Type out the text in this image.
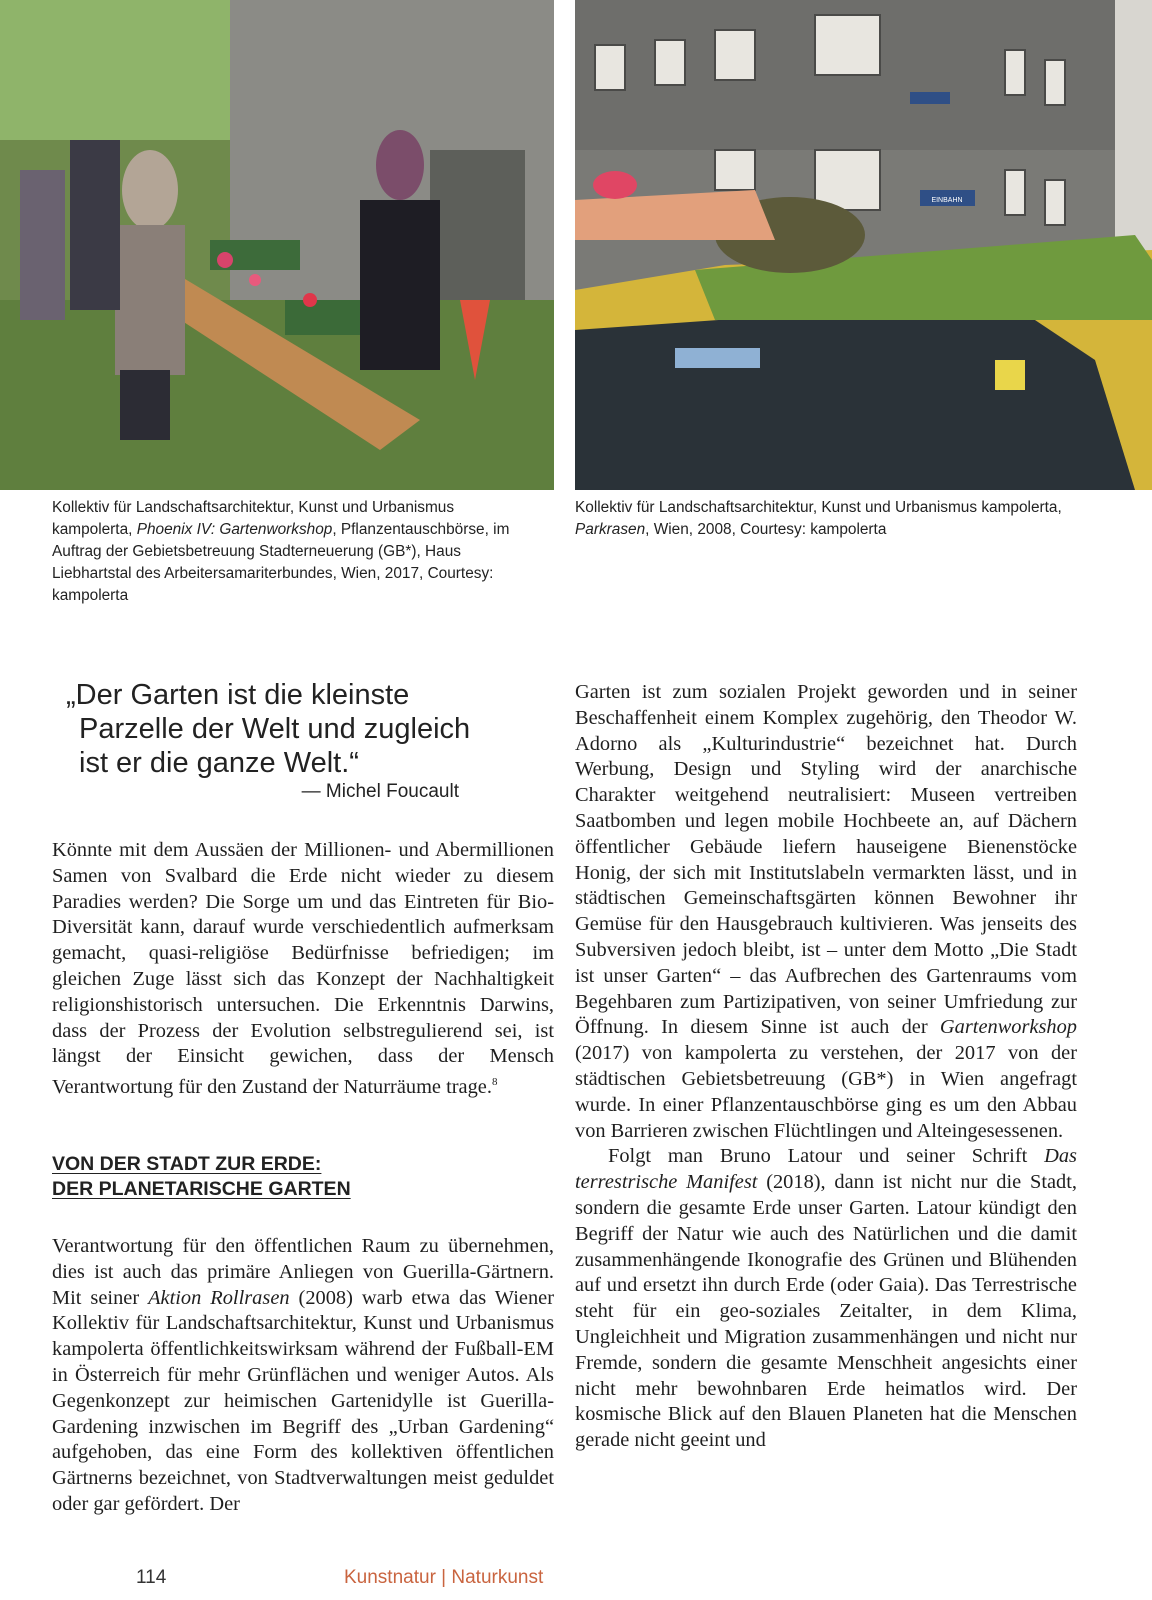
EINBAHN
Kollektiv für Landschaftsarchitektur, Kunst und Urbanismus kampolerta, Phoenix IV: Gartenworkshop, Pflanzentauschbörse, im Auftrag der Gebietsbetreuung Stadterneuerung (GB*), Haus Liebhartstal des Arbeitersamariterbundes, Wien, 2017, Courtesy: kampolerta
Kollektiv für Landschaftsarchitektur, Kunst und Urbanismus kampolerta, Parkrasen, Wien, 2008, Courtesy: kampolerta

„Der Garten ist die kleinste Parzelle der Welt und zugleich ist er die ganze Welt.“

— Michel Foucault

Könnte mit dem Aussäen der Millionen- und Abermillionen Samen von Svalbard die Erde nicht wieder zu diesem Paradies werden? Die Sorge um und das Eintreten für Bio-Diversität kann, darauf wurde verschiedentlich aufmerksam gemacht, quasi-religiöse Bedürfnisse befriedigen; im gleichen Zuge lässt sich das Konzept der Nachhaltigkeit religionshistorisch untersuchen. Die Erkenntnis Darwins, dass der Prozess der Evolution selbstregulierend sei, ist längst der Einsicht gewichen, dass der Mensch Verantwortung für den Zustand der Naturräume trage.$^8$

VON DER STADT ZUR ERDE:
DER PLANETARISCHE GARTEN

Verantwortung für den öffentlichen Raum zu übernehmen, dies ist auch das primäre Anliegen von Guerilla-Gärtnern. Mit seiner Aktion Rollrasen (2008) warb etwa das Wiener Kollektiv für Landschaftsarchitektur, Kunst und Urbanismus kampolerta öffentlichkeitswirksam während der Fußball-EM in Österreich für mehr Grünflächen und weniger Autos. Als Gegenkonzept zur heimischen Gartenidylle ist Guerilla-Gardening inzwischen im Begriff des „Urban Gardening“ aufgehoben, das eine Form des kollektiven öffentlichen Gärtnerns bezeichnet, von Stadtverwaltungen meist geduldet oder gar gefördert. Der

Garten ist zum sozialen Projekt geworden und in seiner Beschaffenheit einem Komplex zugehörig, den Theodor W. Adorno als „Kulturindustrie“ bezeichnet hat. Durch Werbung, Design und Styling wird der anarchische Charakter weitgehend neutralisiert: Museen vertreiben Saatbomben und legen mobile Hochbeete an, auf Dächern öffentlicher Gebäude liefern hauseigene Bienenstöcke Honig, der sich mit Institutslabeln vermarkten lässt, und in städtischen Gemeinschaftsgärten können Bewohner ihr Gemüse für den Hausgebrauch kultivieren. Was jenseits des Subversiven jedoch bleibt, ist – unter dem Motto „Die Stadt ist unser Garten“ – das Aufbrechen des Gartenraums vom Begehbaren zum Partizipativen, von seiner Umfriedung zur Öffnung. In diesem Sinne ist auch der Gartenworkshop (2017) von kampolerta zu verstehen, der 2017 von der städtischen Gebietsbetreuung (GB*) in Wien angefragt wurde. In einer Pflanzentauschbörse ging es um den Abbau von Barrieren zwischen Flüchtlingen und Alteingesessenen.

Folgt man Bruno Latour und seiner Schrift Das terrestrische Manifest (2018), dann ist nicht nur die Stadt, sondern die gesamte Erde unser Garten. Latour kündigt den Begriff der Natur wie auch des Natürlichen und die damit zusammenhängende Ikonografie des Grünen und Blühenden auf und ersetzt ihn durch Erde (oder Gaia). Das Terrestrische steht für ein geo-soziales Zeitalter, in dem Klima, Ungleichheit und Migration zusammenhängen und nicht nur Fremde, sondern die gesamte Menschheit angesichts einer nicht mehr bewohnbaren Erde heimatlos wird. Der kosmische Blick auf den Blauen Planeten hat die Menschen gerade nicht geeint und

114	Kunstnatur | Naturkunst
